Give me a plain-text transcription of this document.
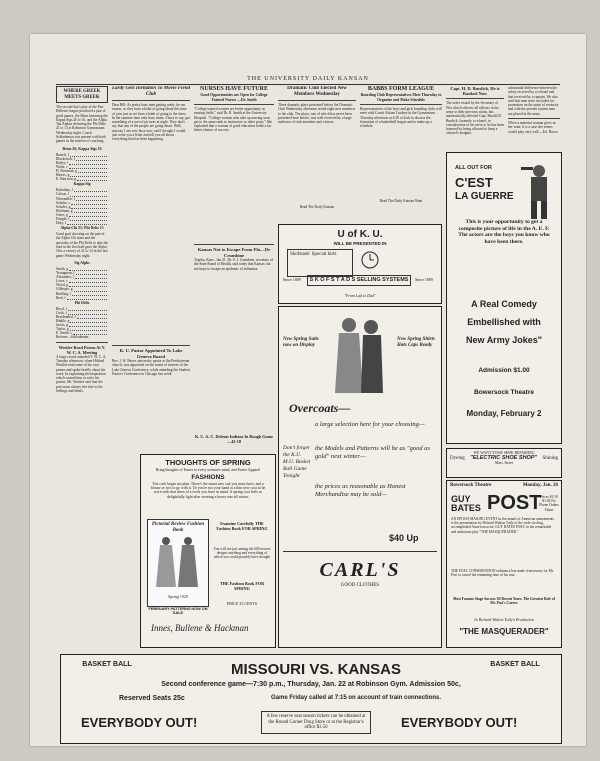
THE UNIVERSITY DAILY KANSAN
WHERE GREEK MEETS GREEK

The second day's play of the Pan-Hellenic league produced a pair of good games, the Betas trimming the Kappa Sigs 26 to 16, and the Alpha Tau Alphas defeating the Phi Delts 21 to 13 at Robinson Gymnasium Wednesday night. Coach Schlademan was present with both games in the interest of coaching.

Betas 26; Kappa Sigs 16
Bartelt, f
Blackstock, f
Bailey, f
Waltz, c
H. Bowman, g
Hawes, g
E. Harrison, g
Kappa Sig
Raffalaky, f
Colson, f
Winemiller, f
Schultz, c
Scholer, g
Hoffman, g
Greer, g
Pringle, f
Doty, f
Alpha Chi 21; Phi Delts 13

Good goal shooting on the part of the Alpha Chi team and the specialty of the Phi Delts to take the lead in the first half gave the Alpha Chis a victory of 21 to 13 in the last game Wednesday night.

Sig Alphs
Smith, g
Youngman, f
Alexander, f
Lowe, c
Wood, g
Gillespie, g
Buffling, f
Beal, f
Phi Delts
Boyd, f
Cook, f
Breidenthal, f
Hinkle, g
Jarvis, g
Taylor, g
E. Smith, c

Referee—Schlademan.

Westlee Read Poems At Y. W. C. A. Meeting

A large crowd attended Y. W. C. A. Tuesday afternoon, when Hildred Westlee read some of his own poems and spoke briefly about his work. In explaining the inspiration which caused him to write his poems, Mr. Westlee said that the poet must always live true to his feelings and ideals.

Lardy Gets Invitation To Movie Fiend Club

Dear Bill: As pretty busy men getting ready for my exams, so they have a habit of going about this time of year just as we have a habit of going to the show. In the summer time only busy times. I have to say, got something of a sort of pictures at night. They don't say that any of the people are going about. Well, anyway I am very busy now, and I thought I would just write you a letter and tell you all about everything that has been happening.

K. U. Pastor Appointed To Lake Geneva Board

Rev. J. W. Beyer, university pastor at the Presbyterian church, was appointed on the board of trustees of the Lake Geneva Conference, while attending the Student Pastor's Conference in Chicago last week.

NURSES HAVE FUTURE
Good Opportunities are Open for College Trained Nurses —Dr. Smith

"College trained women are better opportunity in nursing fields," said Dr. R. Smith at the University Hospital. "College women who take up nursing soon get to the same rank as instructors or other posts." She explained that a woman of good education holds a far better chance of success.

Kansas Not to Escape From Flu—Dr Crumbine

Topeka, Kans., Jan 21. Dr. S. J. Crumbine, secretary of the State Board of Health, said today that Kansas can not hope to escape an epidemic of influenza.

Dramatic Club Elected New Members Wednesday

Three dramatic plays presented before the Dramatic Club Wednesday afternoon tested eight new members to the club. The plays, one of which has never been presented here before, was well received by a large audience of club members and visitors.

Read The Daily Kansan

BABBS FORM LEAGUE
Boarding Club Representatives Meet Thursday to Organize and Make Schedule

Representatives of the boys and girls boarding clubs will meet with Coach Adrian Lindsey in the Gymnasium Thursday afternoon at 4:30 o'clock to discuss the formation of a basketball league and to make up a schedule.

Read The Daily Kansan Want

Capt. H. D. Burdick, He is Ranked Now

The order issued by the Secretary of War which relieves all officers in the army to their previous status, has automatically affected Capt. Harold D. Burdick, formerly a colonel, in consideration of his service, he has been honored by being allowed to keep a colonel's insignia.

substantial difference between the salary received by a colonel and that received by a captain. We also said that men were excluded for promotion on the point of seniority and with the present system men are placed in the army.

When a material woman gives us her want, it is a case she seems would play very well.—Ed. Howe.

U of K. U.
WILL BE PRESENTED IN
Skofstads' Special hirts
Since 1889	S K O F S T A D S SELLING SYSTEMS	Since 1889
"From Lad to Dad"
ALL OUT FOR
C'EST
LA GUERRE
This is your opportunity to get a composite picture of life in the A. E. F. The actors are the boys you know who have been there.
A Real Comedy
Embellished with
New Army Jokes"
Admission $1.00
Bowersock Theatre
Monday, February 2
New Spring Suits now on Display
New Spring Shirts Hats Caps Ready
Overcoats—
a large selection here for your choosing—
Don't forget the K.U. M.U. Basket Ball Game Tonight
the Models and Patterns will be as "good as gold" next winter—
the prices as reasonable as Honest Merchandise may be sold—
$40 Up
CARL'S
GOOD CLOTHES
THOUGHTS OF SPRING
Bring thoughts of Easter to every woman's mind, and Easter Apparel
FASHIONS
You can't begin too plan. There's the smart new suit you must have, and a blouse or two to go with it. Or you're not your hand at a thin new coat to be worn with that dress of a frock you have in mind. A spring coat feels so delightfully light after wearing a heavy one all winter.
Pictorial Review Fashion Book
Spring 1920
FEBRUARY PATTERNS NOW ON SALE
Examine Carefully THE Fashion Book FOR SPRING
You will see just among the 600 newest designs anything and everything of which you could possibly have thought
THE Fashion Book FOR SPRING
PRICE 25 CENTS
Innes, Bullene & Hackman
K. C. A. C. Defeats Indians In Rough Game—42-18
WE WANT YOUR SHOE REPAIRING
Dyeing "ELECTRIC SHOE SHOP" Shining
Mass. Street
Bowersock Theatre	Monday, Jan. 26
GUY
BATES POST
Prices $1.50 $1.00 No Phone Orders Taken
AN EPOCH-MAKING EVENT in the annals of American amusements is the presentation by Richard Walton Tully of the wide-circling, accomplished American actor, GUY BATES POST, in the remarkable and audacious play "THE MASQUERADER."
THE FUEL CONSERVATION ordinance has made it necessary for Mr. Post to cancel the remaining time of his tour.
Most Famous Stage Success Of Recent Years. The Greatest Role of Mr. Post's Career.
In Richard Walton Tully's Production
"THE MASQUERADER"
BASKET BALL	MISSOURI VS. KANSAS	BASKET BALL
Second conference game—7:30 p.m., Thursday, Jan. 22 at Robinson Gym. Admission 50c,
Reserved Seats 25c	Game Friday called at 7:15 on account of train connections.
EVERYBODY OUT!	A few reserve seat season tickets can be obtained at the Round Corner Drug Store or at the Registrar's office $3.50	EVERYBODY OUT!
